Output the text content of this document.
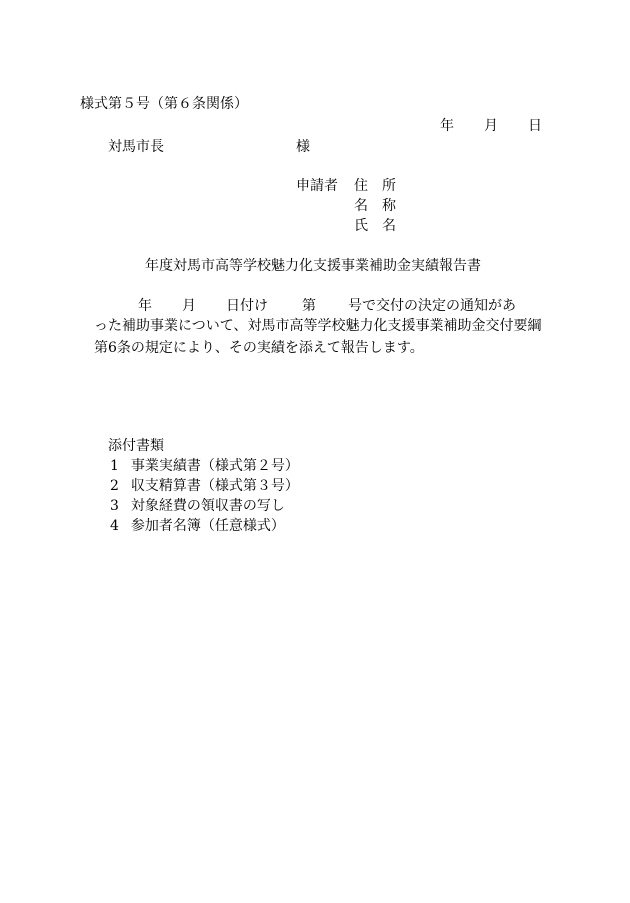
様式第５号（第６条関係）
年 月 日
対馬市長	様
申請者 住　所
名　称
氏　名
年度対馬市高等学校魅力化支援事業補助金実績報告書
年 月 日付け 第 号で交付の決定の通知があ
った補助事業について、対馬市高等学校魅力化支援事業補助金交付要綱
第6条の規定により、その実績を添えて報告します。
添付書類
1 事業実績書（様式第２号）
2 収支精算書（様式第３号）
3 対象経費の領収書の写し
4 参加者名簿（任意様式）
